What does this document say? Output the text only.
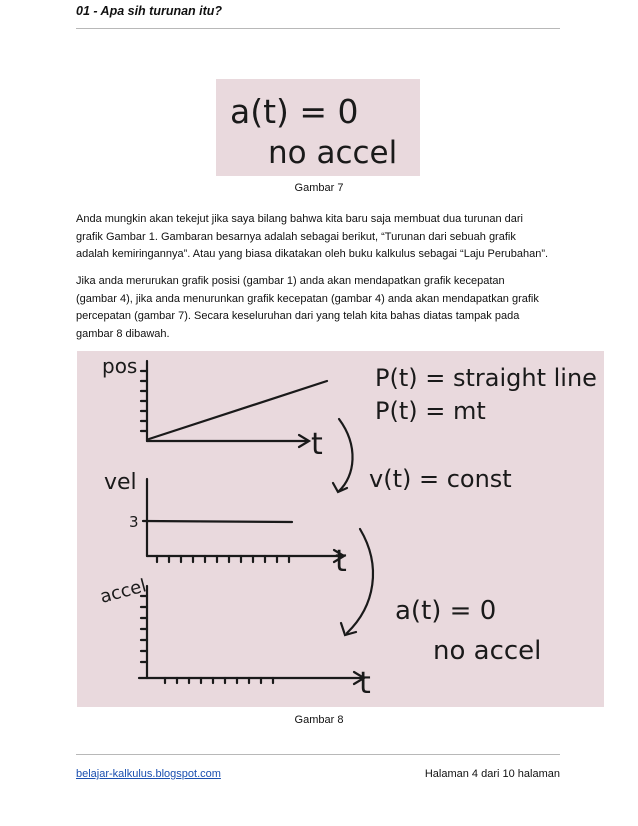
01 - Apa sih turunan itu?
a(t) = 0
no accel
Gambar 7
Anda mungkin akan tekejut jika saya bilang bahwa kita baru saja membuat dua turunan dari
grafik Gambar 1. Gambaran besarnya adalah sebagai berikut, “Turunan dari sebuah grafik
adalah kemiringannya”. Atau yang biasa dikatakan oleh buku kalkulus sebagai “Laju Perubahan”.
Jika anda merurukan grafik posisi (gambar 1) anda akan mendapatkan grafik kecepatan
(gambar 4), jika anda menurunkan grafik kecepatan (gambar 4) anda akan mendapatkan grafik
percepatan (gambar 7). Secara keseluruhan dari yang telah kita bahas diatas tampak pada
gambar 8 dibawah.
pos
t
vel
3
t
accel
t
P(t) = straight line
P(t) = mt
v(t) = const
a(t) = 0
no accel
Gambar 8
belajar-kalkulus.blogspot.com	Halaman 4 dari 10 halaman
